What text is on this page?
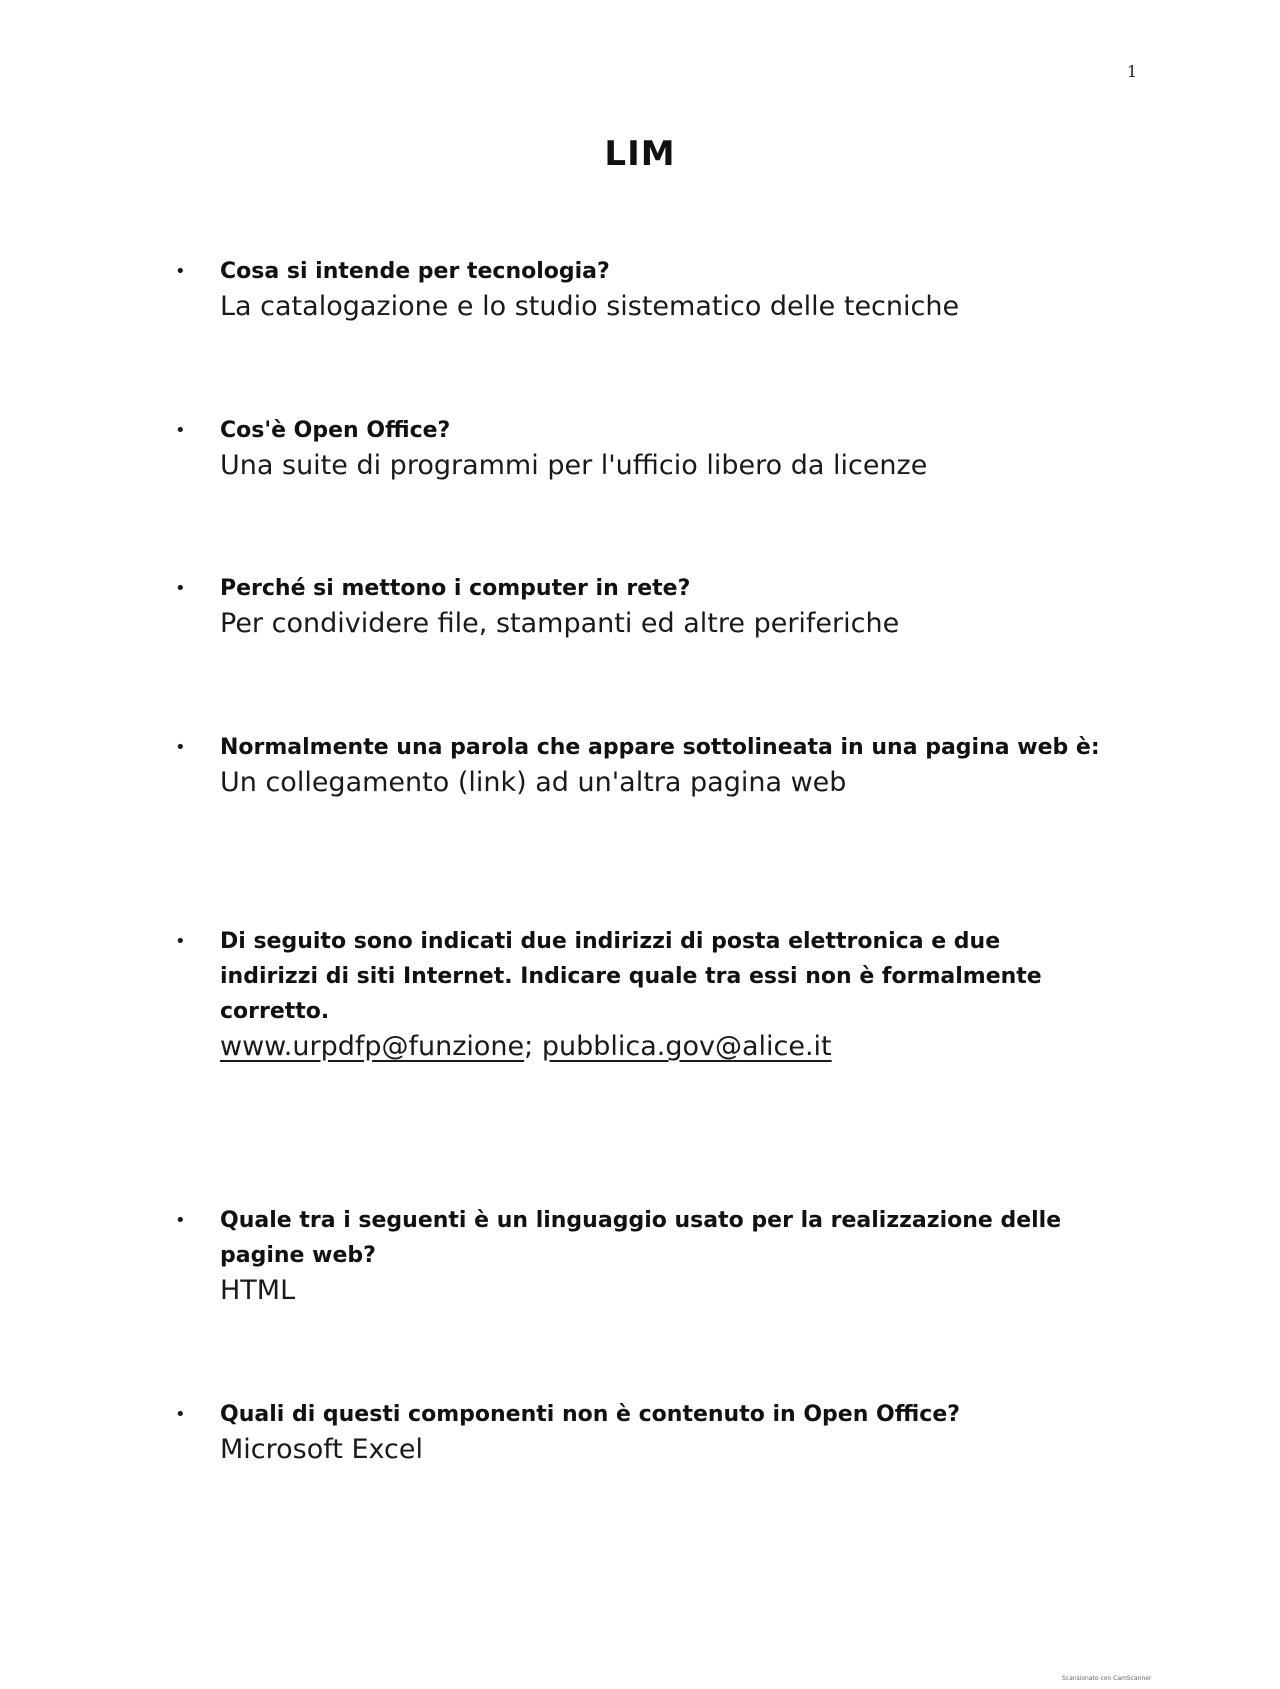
1
LIM
• Cosa si intende per tecnologia?
La catalogazione e lo studio sistematico delle tecniche
• Cos'è Open Office?
Una suite di programmi per l'ufficio libero da licenze
• Perché si mettono i computer in rete?
Per condividere file, stampanti ed altre periferiche
• Normalmente una parola che appare sottolineata in una pagina web è:
Un collegamento (link) ad un'altra pagina web
• Di seguito sono indicati due indirizzi di posta elettronica e due indirizzi di siti Internet. Indicare quale tra essi non è formalmente corretto.
www.urpdfp@funzione; pubblica.gov@alice.it
• Quale tra i seguenti è un linguaggio usato per la realizzazione delle pagine web?
HTML
• Quali di questi componenti non è contenuto in Open Office?
Microsoft Excel
Scansionato con CamScanner
